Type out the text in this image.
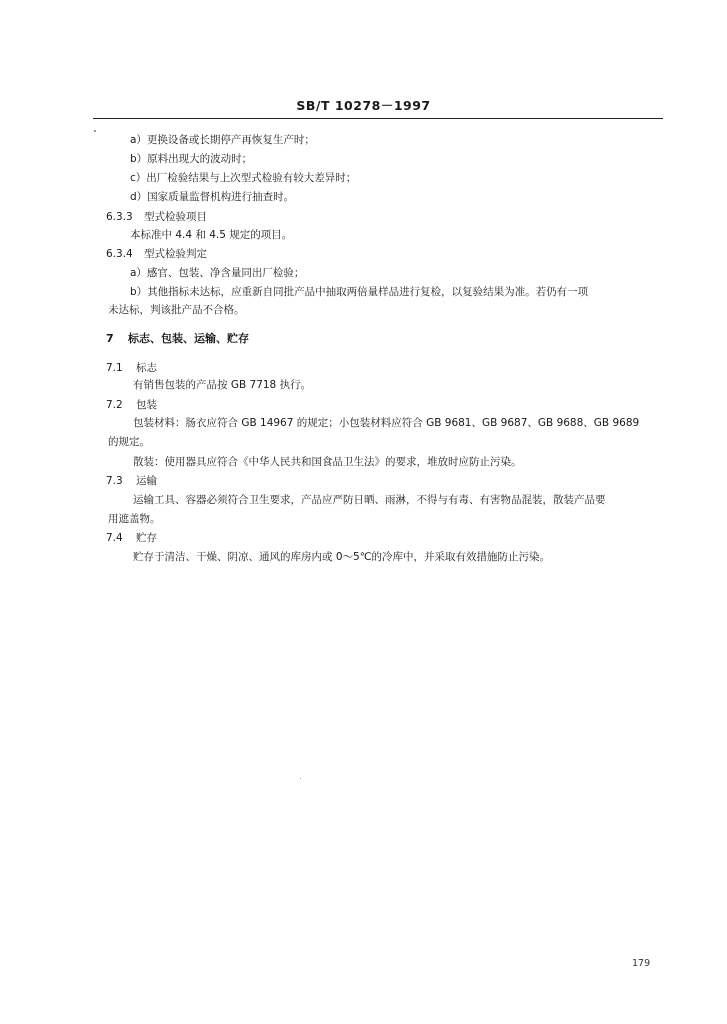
SB/T 10278－1997
a）更换设备或长期停产再恢复生产时；
b）原料出现大的波动时；
c）出厂检验结果与上次型式检验有较大差异时；
d）国家质量监督机构进行抽查时。
6.3.3 型式检验项目
本标准中 4.4 和 4.5 规定的项目。
6.3.4 型式检验判定
a）感官、包装、净含量同出厂检验；
b）其他指标未达标，应重新自同批产品中抽取两倍量样品进行复检，以复验结果为准。若仍有一项
未达标，判该批产品不合格。
7 标志、包装、运输、贮存
7.1 标志
有销售包装的产品按 GB 7718 执行。
7.2 包装
包装材料：肠衣应符合 GB 14967 的规定；小包装材料应符合 GB 9681、GB 9687、GB 9688、GB 9689
的规定。
散装：使用器具应符合《中华人民共和国食品卫生法》的要求，堆放时应防止污染。
7.3 运输
运输工具、容器必须符合卫生要求，产品应严防日晒、雨淋，不得与有毒、有害物品混装，散装产品要
用遮盖物。
7.4 贮存
贮存于清洁、干燥、阴凉、通风的库房内或 0～5℃的冷库中，并采取有效措施防止污染。
179
